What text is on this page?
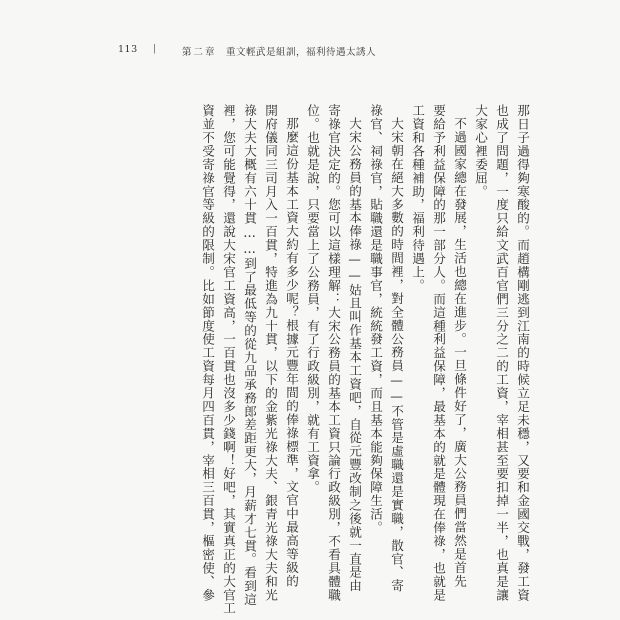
113 |	第二章 重文輕武是組訓，福利待遇太誘人
那日子過得夠寒酸的。而趙構剛逃到江南的時候立足未穩，又要和金國交戰，發工資
也成了問題，一度只給文武百官們三分之二的工資，宰相甚至要扣掉一半，也真是讓
大家心裡委屈。
不過國家總在發展，生活也總在進步。一旦條件好了，廣大公務員們當然是首先
要給予利益保障的那一部分人。而這種利益保障，最基本的就是體現在俸祿，也就是
工資和各種補助，福利待遇上。
大宋朝在絕大多數的時間裡，對全體公務員——不管是虛職還是實職，散官、寄
祿官、祠祿官，貼職還是職事官，統統發工資，而且基本能夠保障生活。
大宋公務員的基本俸祿——姑且叫作基本工資吧，自從元豐改制之後就一直是由
寄祿官決定的。您可以這樣理解：大宋公務員的基本工資只論行政級別，不看具體職
位。也就是說，只要當上了公務員，有了行政級別，就有工資拿。
那麼這份基本工資大約有多少呢？根據元豐年間的俸祿標準，文官中最高等級的
開府儀同三司月入一百貫，特進為九十貫，以下的金紫光祿大夫、銀青光祿大夫和光
祿大夫大概有六十貫……到了最低等的從九品承務郎差距更大，月薪才七貫。看到這
裡，您可能覺得，還說大宋官工資高，一百貫也沒多少錢啊！好吧，其實真正的大官工
資並不受寄祿官等級的限制。比如節度使工資每月四百貫，宰相三百貫，樞密使、參
